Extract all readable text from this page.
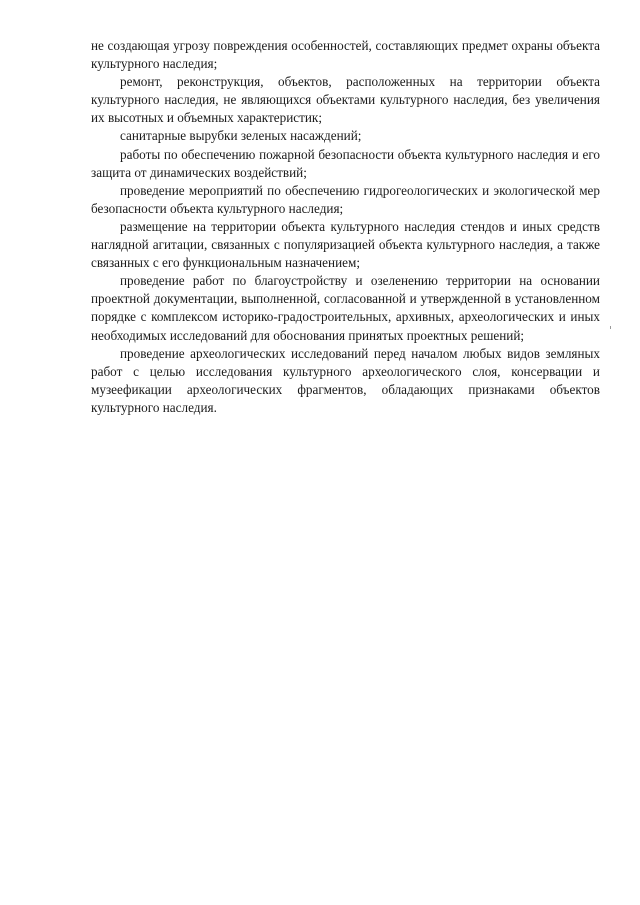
не создающая угрозу повреждения особенностей, составляющих предмет охраны объекта культурного наследия;

ремонт, реконструкция, объектов, расположенных на территории объекта культурного наследия, не являющихся объектами культурного наследия, без увеличения их высотных и объемных характеристик;

санитарные вырубки зеленых насаждений;

работы по обеспечению пожарной безопасности объекта культурного наследия и его защита от динамических воздействий;

проведение мероприятий по обеспечению гидрогеологических и экологической мер безопасности объекта культурного наследия;

размещение на территории объекта культурного наследия стендов и иных средств наглядной агитации, связанных с популяризацией объекта культурного наследия, а также связанных с его функциональным назначением;

проведение работ по благоустройству и озеленению территории на основании проектной документации, выполненной, согласованной и утвержденной в установленном порядке с комплексом историко-градостроительных, архивных, археологических и иных необходимых исследований для обоснования принятых проектных решений;

проведение археологических исследований перед началом любых видов земляных работ с целью исследования культурного археологического слоя, консервации и музеефикации археологических фрагментов, обладающих признаками объектов культурного наследия.
